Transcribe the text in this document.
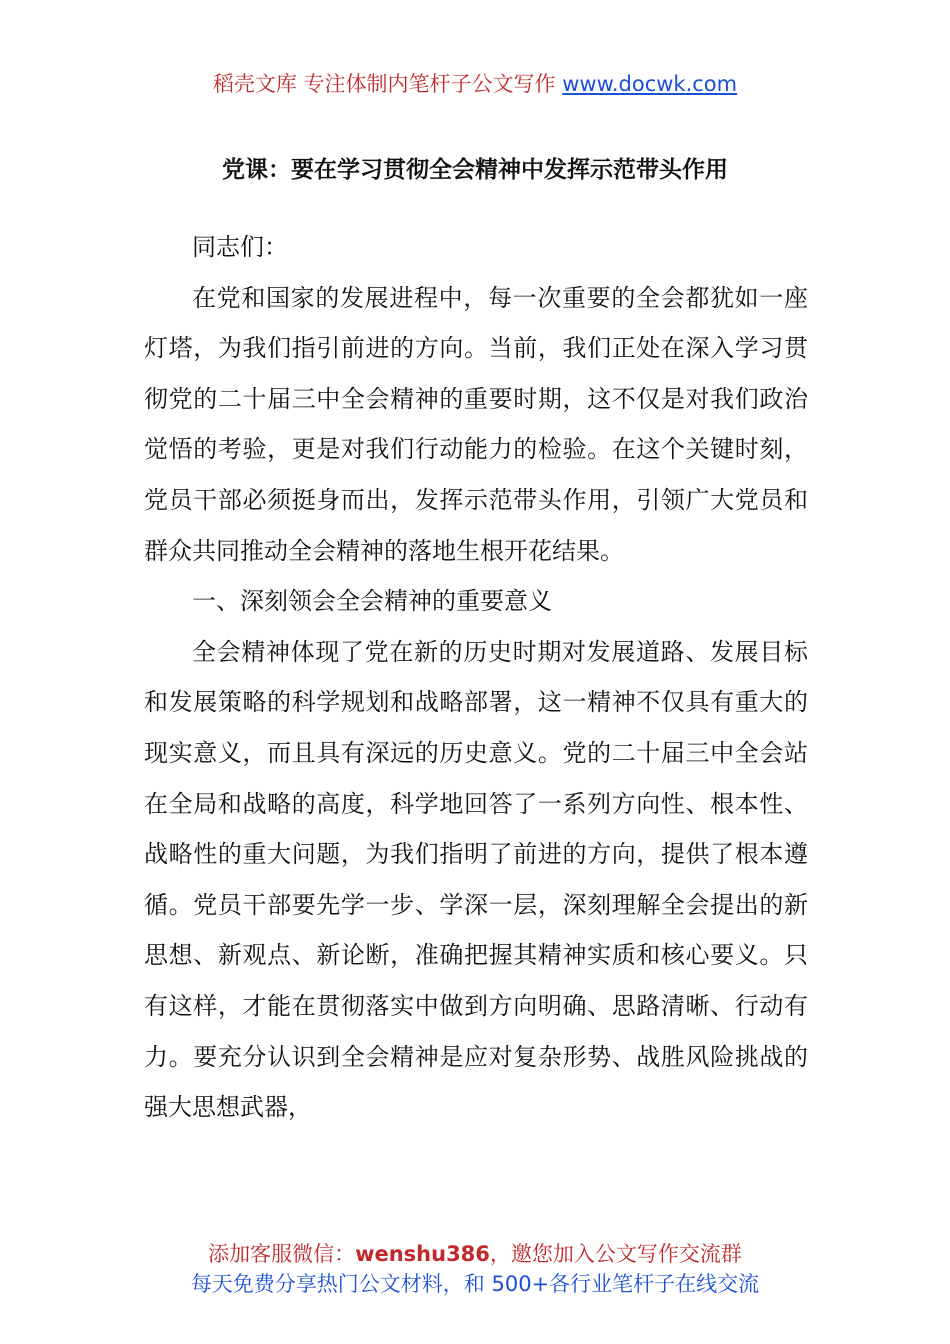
稻壳文库 专注体制内笔杆子公文写作 www.docwk.com
党课：要在学习贯彻全会精神中发挥示范带头作用

同志们：

在党和国家的发展进程中，每一次重要的全会都犹如一座灯塔，为我们指引前进的方向。当前，我们正处在深入学习贯彻党的二十届三中全会精神的重要时期，这不仅是对我们政治觉悟的考验，更是对我们行动能力的检验。在这个关键时刻，党员干部必须挺身而出，发挥示范带头作用，引领广大党员和群众共同推动全会精神的落地生根开花结果。

一、深刻领会全会精神的重要意义

全会精神体现了党在新的历史时期对发展道路、发展目标和发展策略的科学规划和战略部署，这一精神不仅具有重大的现实意义，而且具有深远的历史意义。党的二十届三中全会站在全局和战略的高度，科学地回答了一系列方向性、根本性、战略性的重大问题，为我们指明了前进的方向，提供了根本遵循。党员干部要先学一步、学深一层，深刻理解全会提出的新思想、新观点、新论断，准确把握其精神实质和核心要义。只有这样，才能在贯彻落实中做到方向明确、思路清晰、行动有力。要充分认识到全会精神是应对复杂形势、战胜风险挑战的强大思想武器，

添加客服微信：wenshu386，邀您加入公文写作交流群
每天免费分享热门公文材料，和 500+各行业笔杆子在线交流
